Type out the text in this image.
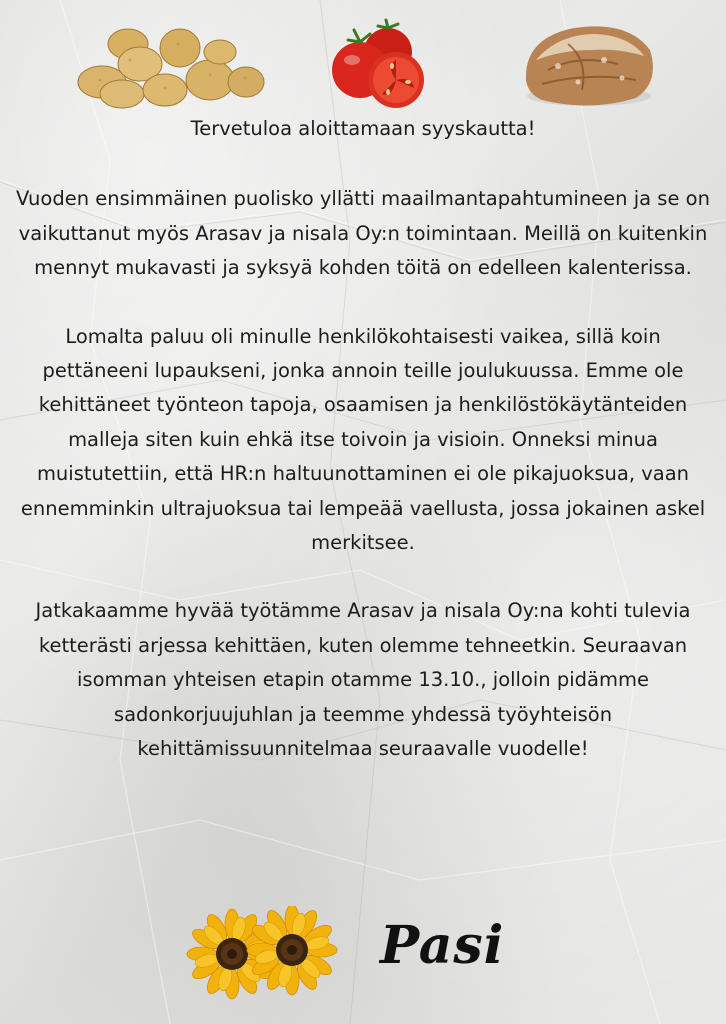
Tervetuloa aloittamaan syyskautta!

Vuoden ensimmäinen puolisko yllätti maailmantapahtumineen ja se on vaikuttanut myös Arasav ja nisala Oy:n toimintaan. Meillä on kuitenkin mennyt mukavasti ja syksyä kohden töitä on edelleen kalenterissa.

Lomalta paluu oli minulle henkilökohtaisesti vaikea, sillä koin pettäneeni lupaukseni, jonka annoin teille joulukuussa. Emme ole kehittäneet työnteon tapoja, osaamisen ja henkilöstökäytänteiden malleja siten kuin ehkä itse toivoin ja visioin. Onneksi minua muistutettiin, että HR:n haltuunottaminen ei ole pikajuoksua, vaan ennemminkin ultrajuoksua tai lempeää vaellusta, jossa jokainen askel merkitsee.

Jatkakaamme hyvää työtämme Arasav ja nisala Oy:na kohti tulevia ketterästi arjessa kehittäen, kuten olemme tehneetkin. Seuraavan isomman yhteisen etapin otamme 13.10., jolloin pidämme sadonkorjuujuhlan ja teemme yhdessä työyhteisön kehittämissuunnitelmaa seuraavalle vuodelle!

Pasi
